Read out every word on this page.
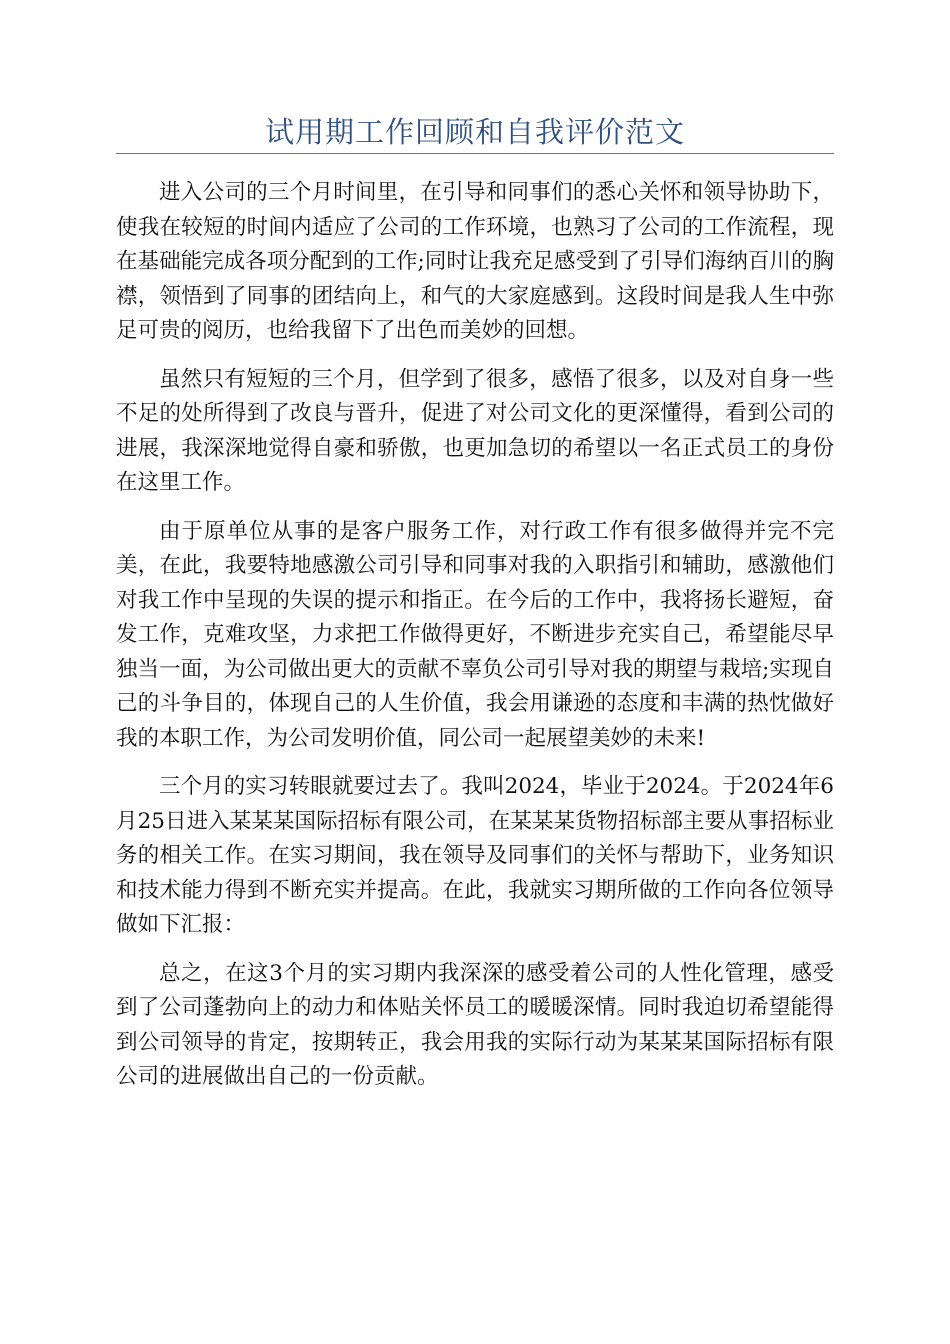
试用期工作回顾和自我评价范文

进入公司的三个月时间里，在引导和同事们的悉心关怀和领导协助下，使我在较短的时间内适应了公司的工作环境，也熟习了公司的工作流程，现在基础能完成各项分配到的工作;同时让我充足感受到了引导们海纳百川的胸襟，领悟到了同事的团结向上，和气的大家庭感到。这段时间是我人生中弥足可贵的阅历，也给我留下了出色而美妙的回想。

虽然只有短短的三个月，但学到了很多，感悟了很多，以及对自身一些不足的处所得到了改良与晋升，促进了对公司文化的更深懂得，看到公司的进展，我深深地觉得自豪和骄傲，也更加急切的希望以一名正式员工的身份在这里工作。

由于原单位从事的是客户服务工作，对行政工作有很多做得并完不完美，在此，我要特地感激公司引导和同事对我的入职指引和辅助，感激他们对我工作中呈现的失误的提示和指正。在今后的工作中，我将扬长避短，奋发工作，克难攻坚，力求把工作做得更好，不断进步充实自己，希望能尽早独当一面，为公司做出更大的贡献不辜负公司引导对我的期望与栽培;实现自己的斗争目的，体现自己的人生价值，我会用谦逊的态度和丰满的热忱做好我的本职工作，为公司发明价值，同公司一起展望美妙的未来!

三个月的实习转眼就要过去了。我叫2024，毕业于2024。于2024年6月25日进入某某某国际招标有限公司，在某某某货物招标部主要从事招标业务的相关工作。在实习期间，我在领导及同事们的关怀与帮助下，业务知识和技术能力得到不断充实并提高。在此，我就实习期所做的工作向各位领导做如下汇报：

总之，在这3个月的实习期内我深深的感受着公司的人性化管理，感受到了公司蓬勃向上的动力和体贴关怀员工的暖暖深情。同时我迫切希望能得到公司领导的肯定，按期转正，我会用我的实际行动为某某某国际招标有限公司的进展做出自己的一份贡献。
